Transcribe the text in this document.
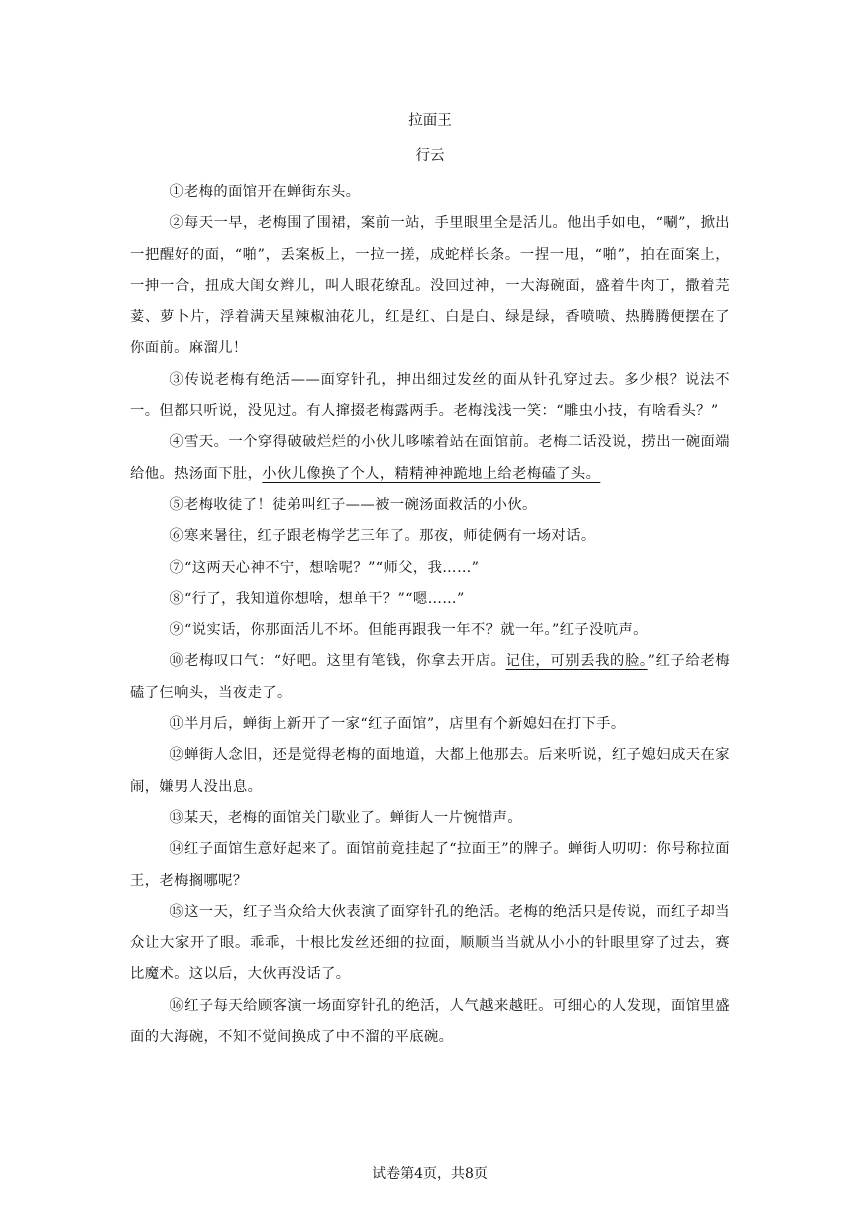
拉面王
行云

①老梅的面馆开在蝉街东头。

②每天一早，老梅围了围裙，案前一站，手里眼里全是活儿。他出手如电，“唰”，掀出一把醒好的面，“啪”，丢案板上，一拉一搓，成蛇样长条。一捏一甩，“啪”，拍在面案上，一抻一合，扭成大闺女辫儿，叫人眼花缭乱。没回过神，一大海碗面，盛着牛肉丁，撒着芫荽、萝卜片，浮着满天星辣椒油花儿，红是红、白是白、绿是绿，香喷喷、热腾腾便摆在了你面前。麻溜儿！

③传说老梅有绝活——面穿针孔，抻出细过发丝的面从针孔穿过去。多少根？说法不一。但都只听说，没见过。有人撺掇老梅露两手。老梅浅浅一笑：“雕虫小技，有啥看头？”

④雪天。一个穿得破破烂烂的小伙儿哆嗦着站在面馆前。老梅二话没说，捞出一碗面端给他。热汤面下肚，小伙儿像换了个人，精精神神跪地上给老梅磕了头。

⑤老梅收徒了！徒弟叫红子——被一碗汤面救活的小伙。

⑥寒来暑往，红子跟老梅学艺三年了。那夜，师徒俩有一场对话。

⑦“这两天心神不宁，想啥呢？”“师父，我……”

⑧“行了，我知道你想啥，想单干？”“嗯……”

⑨“说实话，你那面活儿不坏。但能再跟我一年不？就一年。”红子没吭声。

⑩老梅叹口气：“好吧。这里有笔钱，你拿去开店。记住，可别丢我的脸。”红子给老梅磕了仨响头，当夜走了。

⑪半月后，蝉街上新开了一家“红子面馆”，店里有个新媳妇在打下手。

⑫蝉街人念旧，还是觉得老梅的面地道，大都上他那去。后来听说，红子媳妇成天在家闹，嫌男人没出息。

⑬某天，老梅的面馆关门歇业了。蝉街人一片惋惜声。

⑭红子面馆生意好起来了。面馆前竟挂起了“拉面王”的牌子。蝉街人叨叨：你号称拉面王，老梅搁哪呢？

⑮这一天，红子当众给大伙表演了面穿针孔的绝活。老梅的绝活只是传说，而红子却当众让大家开了眼。乖乖，十根比发丝还细的拉面，顺顺当当就从小小的针眼里穿了过去，赛比魔术。这以后，大伙再没话了。

⑯红子每天给顾客演一场面穿针孔的绝活，人气越来越旺。可细心的人发现，面馆里盛面的大海碗，不知不觉间换成了中不溜的平底碗。

试卷第4页，共8页
